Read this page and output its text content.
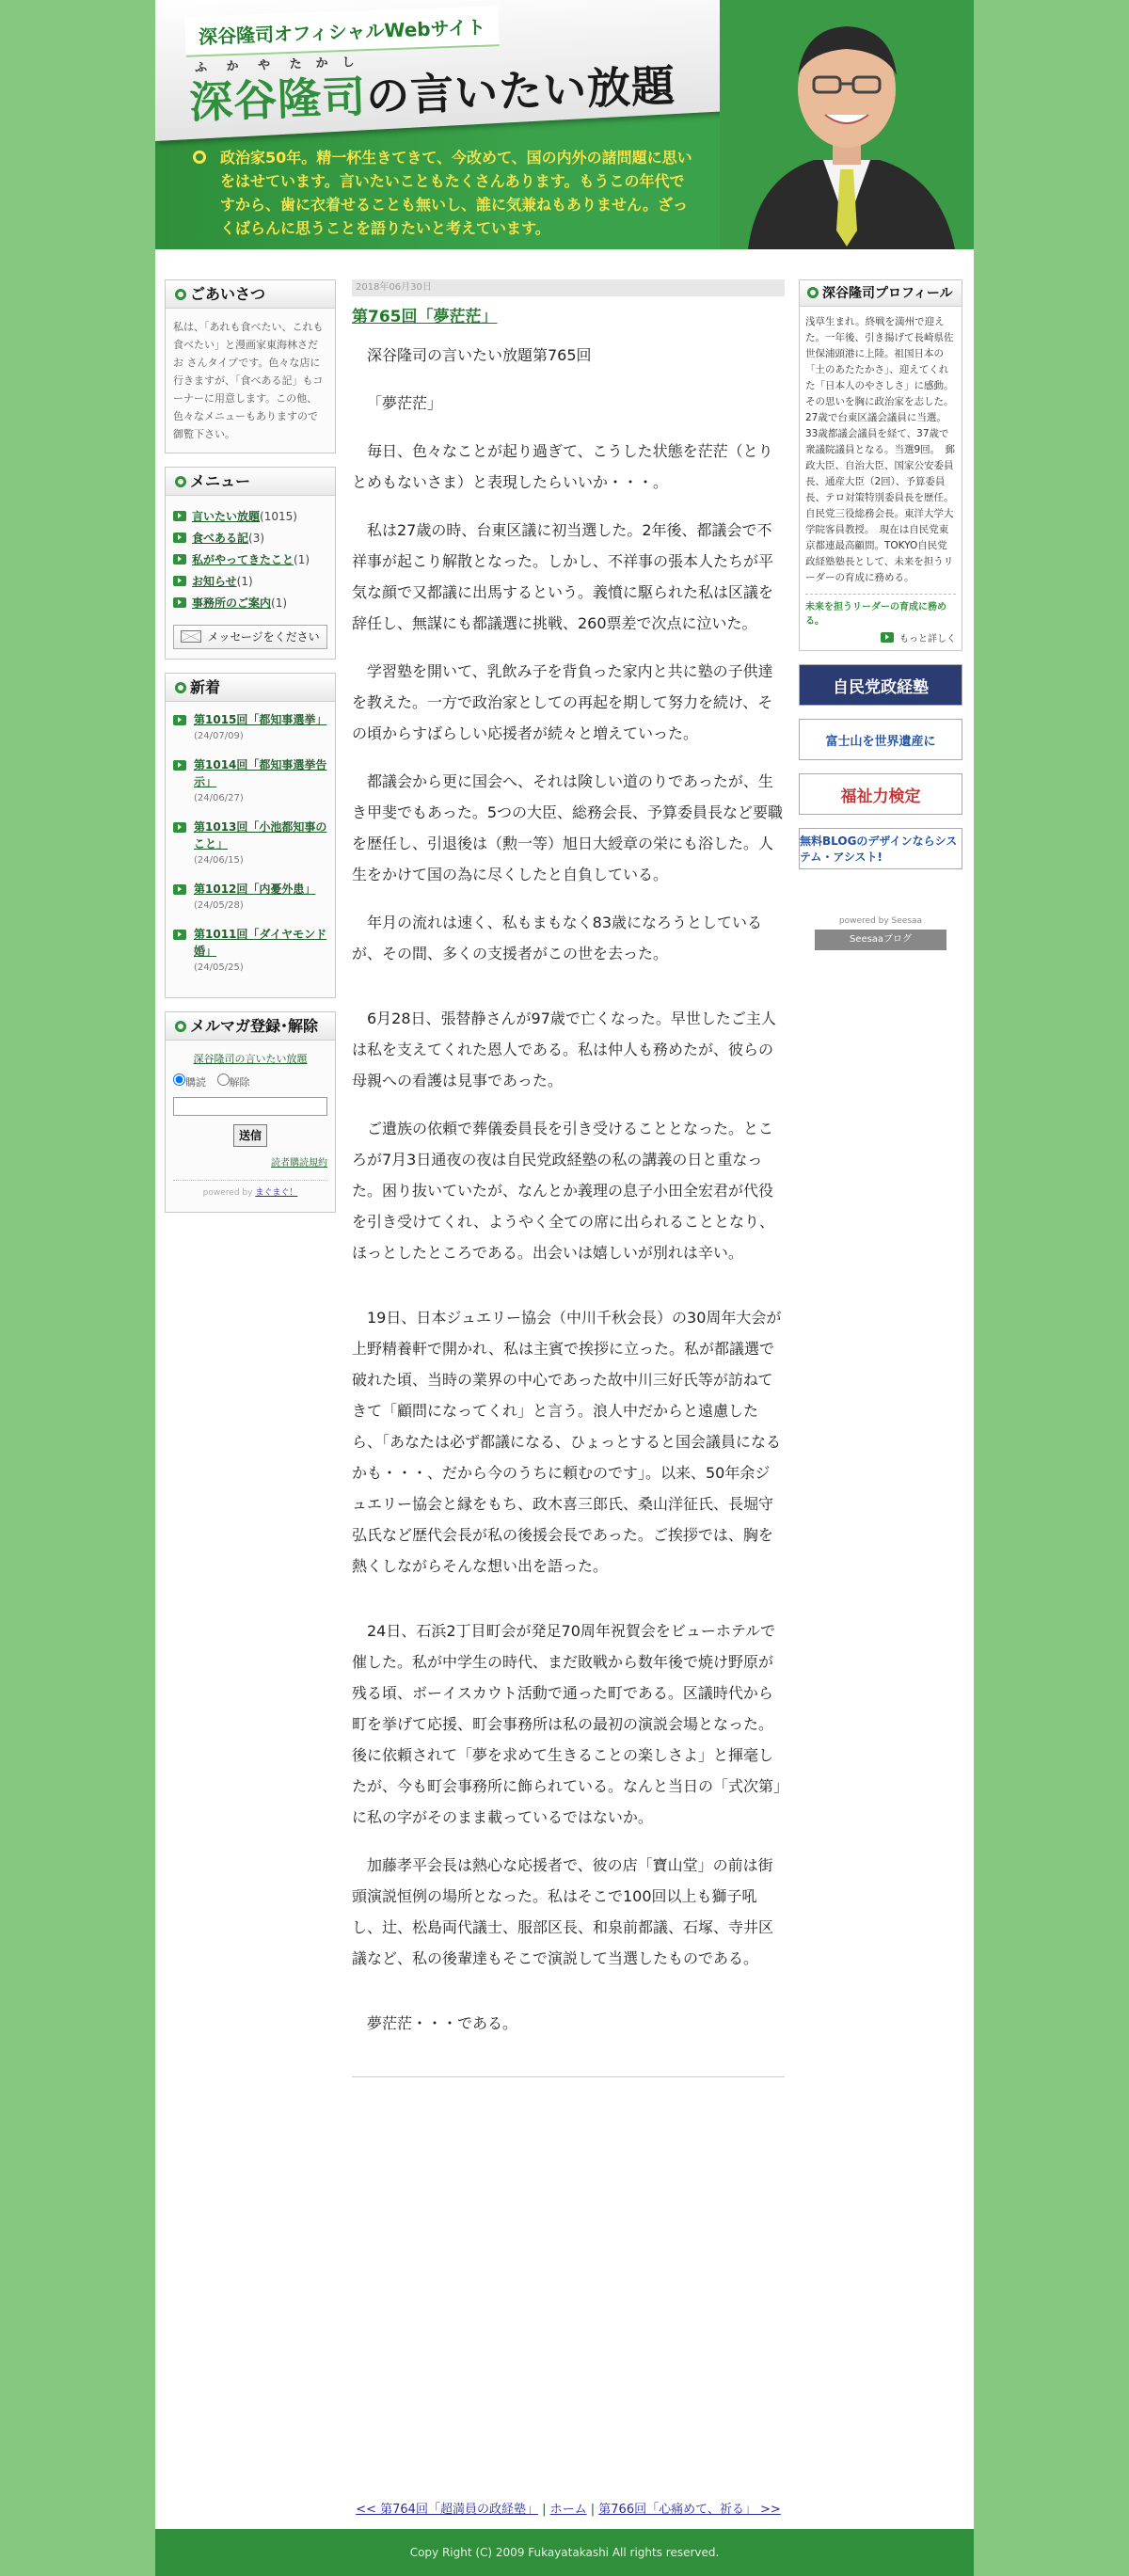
深谷隆司オフィシャルWebサイト
ふ　 か　 や　 た　か　し
深谷隆司の言いたい放題

政治家50年。精一杯生きてきて、今改めて、国の内外の諸問題に思いをはせています。言いたいこともたくさんあります。もうこの年代ですから、歯に衣着せることも無いし、誰に気兼ねもありません。ざっくばらんに思うことを語りたいと考えています。

ごあいさつ
私は、「あれも食べたい、これも食べたい」と漫画家東海林さだお さんタイプです。色々な店に行きますが、「食べある記」もコーナーに用意します。この他、色々なメニューもありますので御覧下さい。
メニュー
言いたい放題(1015)
食べある記(3)
私がやってきたこと(1)
お知らせ(1)
事務所のご案内(1)
メッセージをください
新着
第1015回「都知事選挙」
(24/07/09)
第1014回「都知事選挙告示」
(24/06/27)
第1013回「小池都知事のこと」
(24/06/15)
第1012回「内憂外患」
(24/05/28)
第1011回「ダイヤモンド婚」
(24/05/25)
メルマガ登録･解除
深谷隆司の言いたい放題
購読 解除
送信
読者購読規約
powered by まぐまぐ！
2018年06月30日
第765回「夢茫茫」
深谷隆司の言いたい放題第765回
「夢茫茫」
毎日、色々なことが起り過ぎて、こうした状態を茫茫（とりとめもないさま）と表現したらいいか・・・。
私は27歳の時、台東区議に初当選した。2年後、都議会で不祥事が起こり解散となった。しかし、不祥事の張本人たちが平気な顔で又都議に出馬するという。義憤に駆られた私は区議を辞任し、無謀にも都議選に挑戦、260票差で次点に泣いた。
学習塾を開いて、乳飲み子を背負った家内と共に塾の子供達を教えた。一方で政治家としての再起を期して努力を続け、その頃からすばらしい応援者が続々と増えていった。
都議会から更に国会へ、それは険しい道のりであったが、生き甲斐でもあった。5つの大臣、総務会長、予算委員長など要職を歴任し、引退後は（勲一等）旭日大綬章の栄にも浴した。人生をかけて国の為に尽くしたと自負している。
年月の流れは速く、私もまもなく83歳になろうとしているが、その間、多くの支援者がこの世を去った。
6月28日、張替静さんが97歳で亡くなった。早世したご主人は私を支えてくれた恩人である。私は仲人も務めたが、彼らの母親への看護は見事であった。
ご遺族の依頼で葬儀委員長を引き受けることとなった。ところが7月3日通夜の夜は自民党政経塾の私の講義の日と重なった。困り抜いていたが、なんとか義理の息子小田全宏君が代役を引き受けてくれ、ようやく全ての席に出られることとなり、ほっとしたところである。出会いは嬉しいが別れは辛い。
19日、日本ジュエリー協会（中川千秋会長）の30周年大会が上野精養軒で開かれ、私は主賓で挨拶に立った。私が都議選で破れた頃、当時の業界の中心であった故中川三好氏等が訪ねてきて「顧問になってくれ」と言う。浪人中だからと遠慮したら、「あなたは必ず都議になる、ひょっとすると国会議員になるかも・・・、だから今のうちに頼むのです」。以来、50年余ジュエリー協会と縁をもち、政木喜三郎氏、桑山洋征氏、長堀守弘氏など歴代会長が私の後援会長であった。ご挨拶では、胸を熱くしながらそんな想い出を語った。
24日、石浜2丁目町会が発足70周年祝賀会をビューホテルで催した。私が中学生の時代、まだ敗戦から数年後で焼け野原が残る頃、ボーイスカウト活動で通った町である。区議時代から町を挙げて応援、町会事務所は私の最初の演説会場となった。後に依頼されて「夢を求めて生きることの楽しさよ」と揮毫したが、今も町会事務所に飾られている。なんと当日の「式次第」に私の字がそのまま載っているではないか。
加藤孝平会長は熱心な応援者で、彼の店「寶山堂」の前は街頭演説恒例の場所となった。私はそこで100回以上も獅子吼し、辻、松島両代議士、服部区長、和泉前都議、石塚、寺井区議など、私の後輩達もそこで演説して当選したものである。
夢茫茫・・・である。
深谷隆司プロフィール
浅草生まれ。終戦を満州で迎えた。一年後、引き揚げて長崎県佐世保浦頭港に上陸。祖国日本の「土のあたたかさ」、迎えてくれた「日本人のやさしさ」に感動。その思いを胸に政治家を志した。　27歳で台東区議会議員に当選。33歳都議会議員を経て、37歳で衆議院議員となる。当選9回。　郵政大臣、自治大臣、国家公安委員長、通産大臣（2回）、予算委員長、テロ対策特別委員長を歴任。自民党三役総務会長。東洋大学大学院客員教授。　現在は自民党東京都連最高顧問。TOKYO自民党政経塾塾長として、未来を担うリーダーの育成に務める。
未来を担うリーダーの育成に務める。
もっと詳しく
自民党政経塾
富士山を世界遺産に
福祉力検定
無料BLOGのデザインならシステム・アシスト!
powered by Seesaa
Seesaaブログ
<< 第764回「超満員の政経塾」 | ホーム | 第766回「心痛めて、祈る」 >>
Copy Right (C) 2009 Fukayatakashi All rights reserved.
